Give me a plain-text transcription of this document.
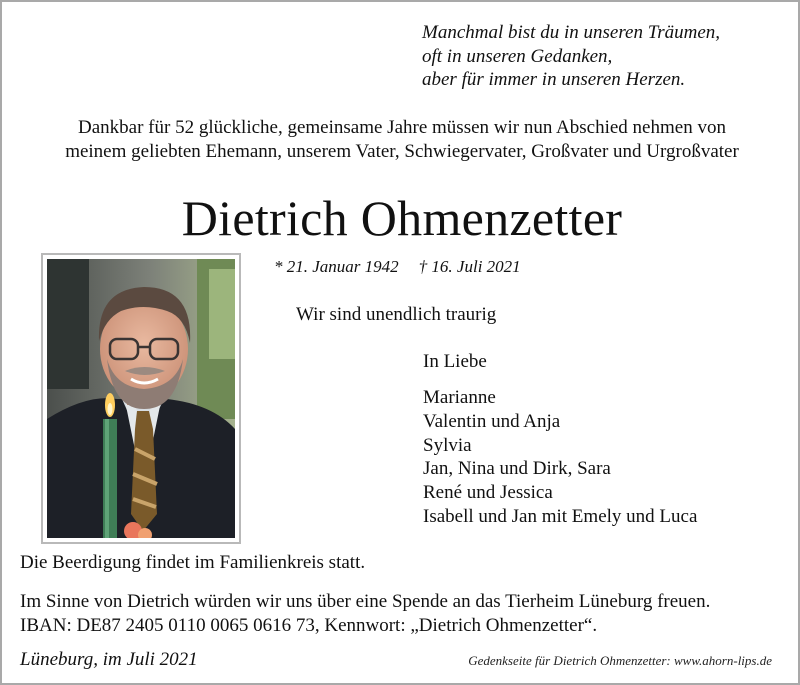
Manchmal bist du in unseren Träumen,
oft in unseren Gedanken,
aber für immer in unseren Herzen.
Dankbar für 52 glückliche, gemeinsame Jahre müssen wir nun Abschied nehmen von
meinem geliebten Ehemann, unserem Vater, Schwiegervater, Großvater und Urgroßvater
Dietrich Ohmenzetter
* 21. Januar 1942 † 16. Juli 2021
Wir sind unendlich traurig
In Liebe
Marianne
Valentin und Anja
Sylvia
Jan, Nina und Dirk, Sara
René und Jessica
Isabell und Jan mit Emely und Luca
Die Beerdigung findet im Familienkreis statt.
Im Sinne von Dietrich würden wir uns über eine Spende an das Tierheim Lüneburg freuen.
IBAN: DE87 2405 0110 0065 0616 73, Kennwort: „Dietrich Ohmenzetter“.
Lüneburg, im Juli 2021	Gedenkseite für Dietrich Ohmenzetter: www.ahorn-lips.de
